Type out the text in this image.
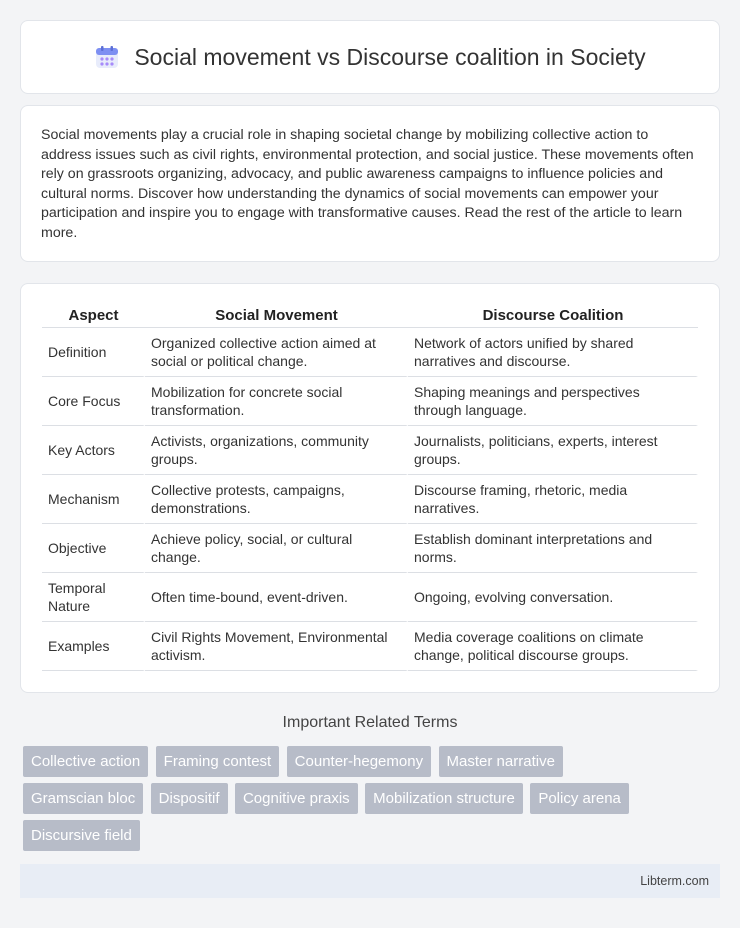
Social movement vs Discourse coalition in Society

Social movements play a crucial role in shaping societal change by mobilizing collective action to address issues such as civil rights, environmental protection, and social justice. These movements often rely on grassroots organizing, advocacy, and public awareness campaigns to influence policies and cultural norms. Discover how understanding the dynamics of social movements can empower your participation and inspire you to engage with transformative causes. Read the rest of the article to learn more.

Aspect	Social Movement	Discourse Coalition
Definition	Organized collective action aimed at social or political change.	Network of actors unified by shared narratives and discourse.
Core Focus	Mobilization for concrete social transformation.	Shaping meanings and perspectives through language.
Key Actors	Activists, organizations, community groups.	Journalists, politicians, experts, interest groups.
Mechanism	Collective protests, campaigns, demonstrations.	Discourse framing, rhetoric, media narratives.
Objective	Achieve policy, social, or cultural change.	Establish dominant interpretations and norms.
Temporal Nature	Often time-bound, event-driven.	Ongoing, evolving conversation.
Examples	Civil Rights Movement, Environmental activism.	Media coverage coalitions on climate change, political discourse groups.
Important Related Terms
Collective action Framing contest Counter-hegemony Master narrative
Gramscian bloc Dispositif Cognitive praxis Mobilization structure Policy arena
Discursive field
Libterm.com
